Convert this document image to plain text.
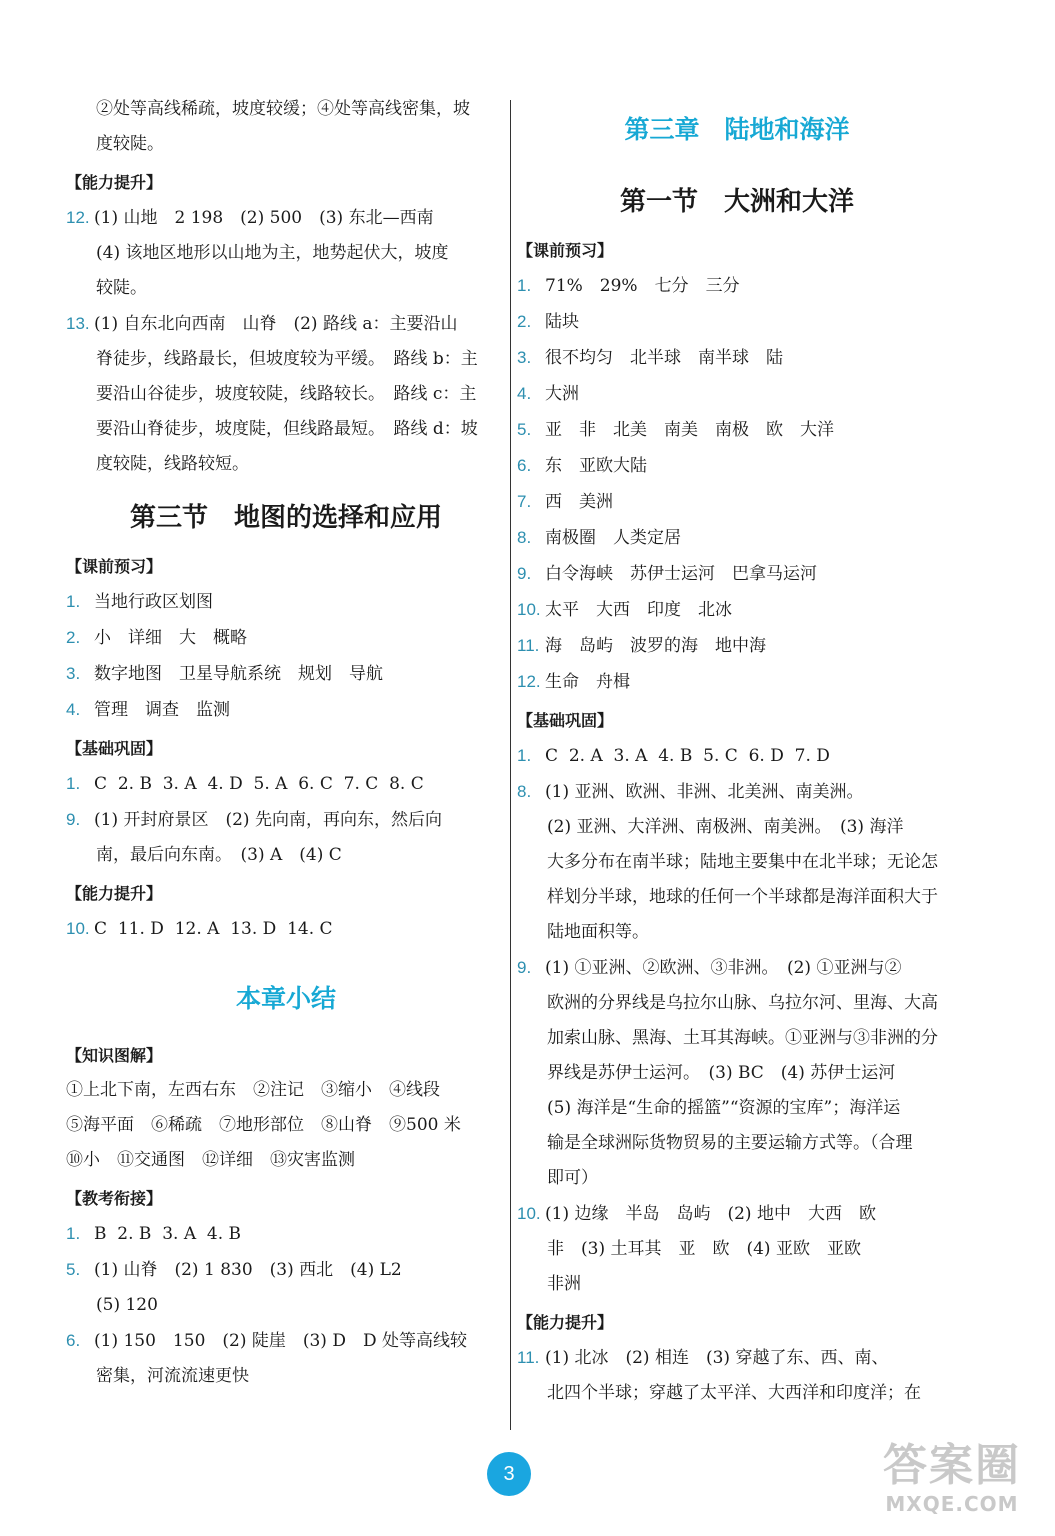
②处等高线稀疏，坡度较缓；④处等高线密集，坡
度较陡。
【能力提升】
12. (1) 山地　2 198　(2) 500　(3) 东北—西南
(4) 该地区地形以山地为主，地势起伏大，坡度
较陡。
13. (1) 自东北向西南　山脊　(2) 路线 a：主要沿山
脊徒步，线路最长，但坡度较为平缓。　路线 b：主
要沿山谷徒步，坡度较陡，线路较长。　路线 c：主
要沿山脊徒步，坡度陡，但线路最短。　路线 d：坡
度较陡，线路较短。
第三节　地图的选择和应用
【课前预习】
1. 当地行政区划图
2. 小　详细　大　概略
3. 数字地图　卫星导航系统　规划　导航
4. 管理　调查　监测
【基础巩固】
1. C  2. B  3. A  4. D  5. A  6. C  7. C  8. C
9. (1) 开封府景区　(2) 先向南，再向东，然后向
南，最后向东南。　(3) A　(4) C
【能力提升】
10. C  11. D  12. A  13. D  14. C
本章小结
【知识图解】
①上北下南，左西右东　②注记　③缩小　④线段
⑤海平面　⑥稀疏　⑦地形部位　⑧山脊　⑨500 米
⑩小　⑪交通图　⑫详细　⑬灾害监测
【教考衔接】
1. B  2. B  3. A  4. B
5. (1) 山脊　(2) 1 830　(3) 西北　(4) L2
(5) 120
6. (1) 150　150　(2) 陡崖　(3) D　D 处等高线较
密集，河流流速更快
第三章　陆地和海洋
第一节　大洲和大洋
【课前预习】
1. 71%　29%　七分　三分
2. 陆块
3. 很不均匀　北半球　南半球　陆
4. 大洲
5. 亚　非　北美　南美　南极　欧　大洋
6. 东　亚欧大陆
7. 西　美洲
8. 南极圈　人类定居
9. 白令海峡　苏伊士运河　巴拿马运河
10. 太平　大西　印度　北冰
11. 海　岛屿　波罗的海　地中海
12. 生命　舟楫
【基础巩固】
1. C  2. A  3. A  4. B  5. C  6. D  7. D
8. (1) 亚洲、欧洲、非洲、北美洲、南美洲。
(2) 亚洲、大洋洲、南极洲、南美洲。　(3) 海洋
大多分布在南半球；陆地主要集中在北半球；无论怎
样划分半球，地球的任何一个半球都是海洋面积大于
陆地面积等。
9. (1) ①亚洲、②欧洲、③非洲。　(2) ①亚洲与②
欧洲的分界线是乌拉尔山脉、乌拉尔河、里海、大高
加索山脉、黑海、土耳其海峡。①亚洲与③非洲的分
界线是苏伊士运河。　(3) BC　(4) 苏伊士运河
(5) 海洋是“生命的摇篮”“资源的宝库”；海洋运
输是全球洲际货物贸易的主要运输方式等。（合理
即可）
10. (1) 边缘　半岛　岛屿　(2) 地中　大西　欧
非　(3) 土耳其　亚　欧　(4) 亚欧　亚欧
非洲
【能力提升】
11. (1) 北冰　(2) 相连　(3) 穿越了东、西、南、
北四个半球；穿越了太平洋、大西洋和印度洋；在
3	答案圈
MXQE.COM
